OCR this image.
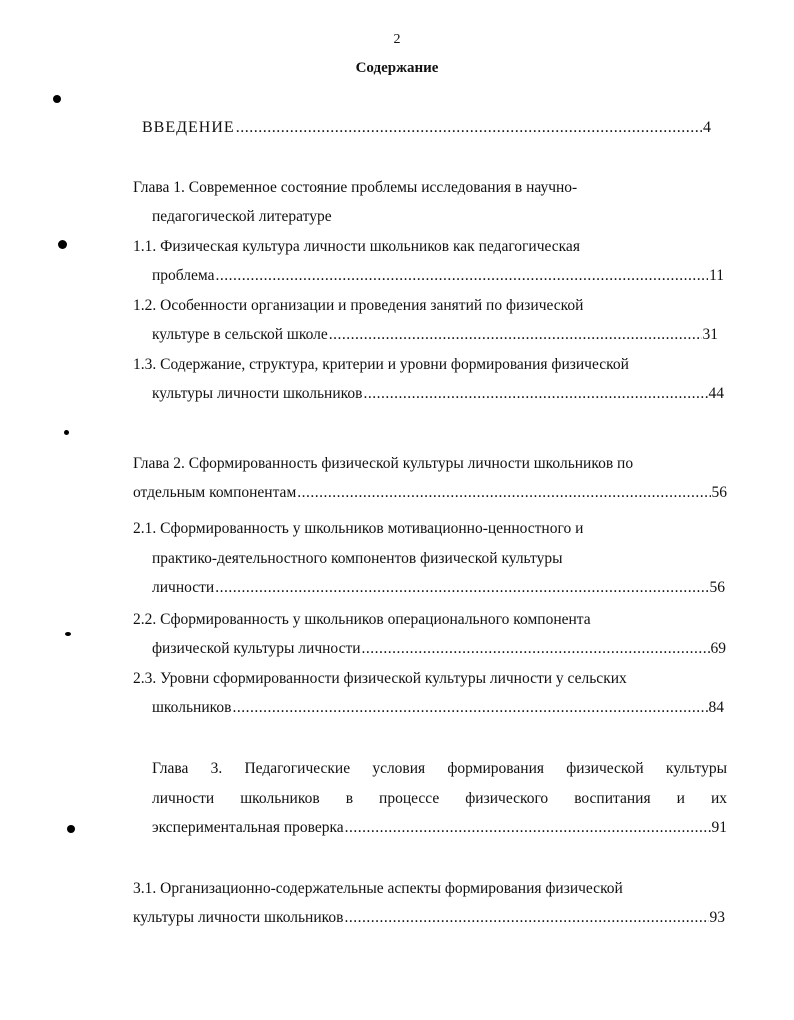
2
Содержание
ВВЕДЕНИЕ .....	4
Глава 1. Современное состояние проблемы исследования в научно-
педагогической литературе
1.1. Физическая культура личности школьников как педагогическая
проблема .....	11
1.2. Особенности организации и проведения занятий по физической
культуре в сельской школе .....	31
1.3. Содержание, структура, критерии и уровни формирования физической
культуры личности школьников .....	44
Глава 2. Сформированность физической культуры личности школьников по
отдельным компонентам .....	56
2.1. Сформированность у школьников мотивационно-ценностного и
практико-деятельностного компонентов физической культуры
личности .....	56
2.2. Сформированность у школьников операционального компонента
физической культуры личности .....	69
2.3. Уровни сформированности физической культуры личности у сельских
школьников .....	84
Глава 3. Педагогические условия формирования физической культуры
личности школьников в процессе физического воспитания и их
экспериментальная проверка .....	91
3.1. Организационно-содержательные аспекты формирования физической
культуры личности школьников .....	93
